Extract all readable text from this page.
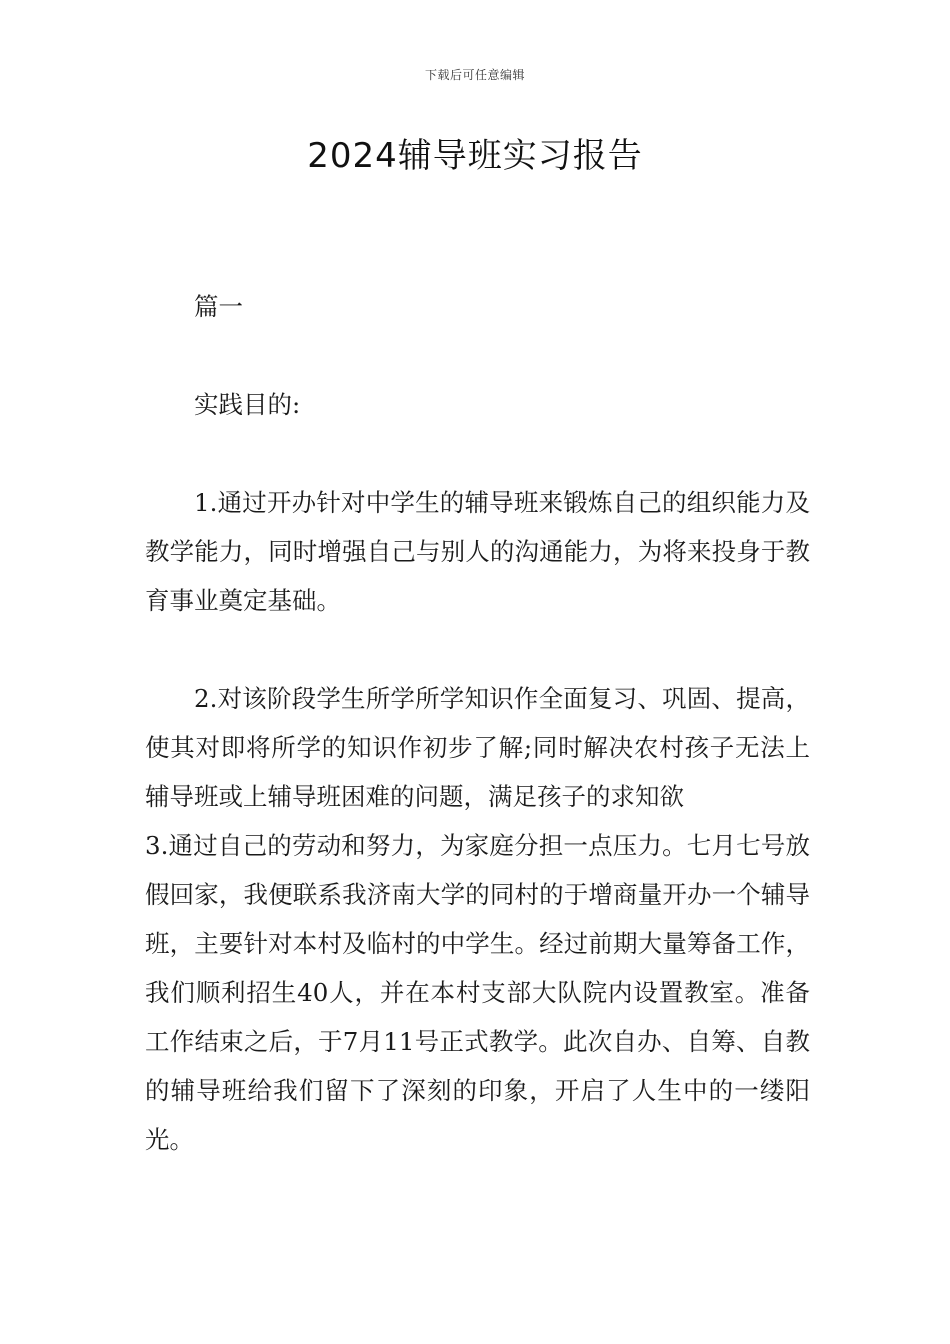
下载后可任意编辑
2024辅导班实习报告

篇一

实践目的:

1.通过开办针对中学生的辅导班来锻炼自己的组织能力及教学能力，同时增强自己与别人的沟通能力，为将来投身于教育事业奠定基础。

2.对该阶段学生所学所学知识作全面复习、巩固、提高，使其对即将所学的知识作初步了解;同时解决农村孩子无法上辅导班或上辅导班困难的问题，满足孩子的求知欲

3.通过自己的劳动和努力，为家庭分担一点压力。七月七号放假回家，我便联系我济南大学的同村的于增商量开办一个辅导班，主要针对本村及临村的中学生。经过前期大量筹备工作，我们顺利招生40人，并在本村支部大队院内设置教室。准备工作结束之后，于7月11号正式教学。此次自办、自筹、自教的辅导班给我们留下了深刻的印象，开启了人生中的一缕阳光。
